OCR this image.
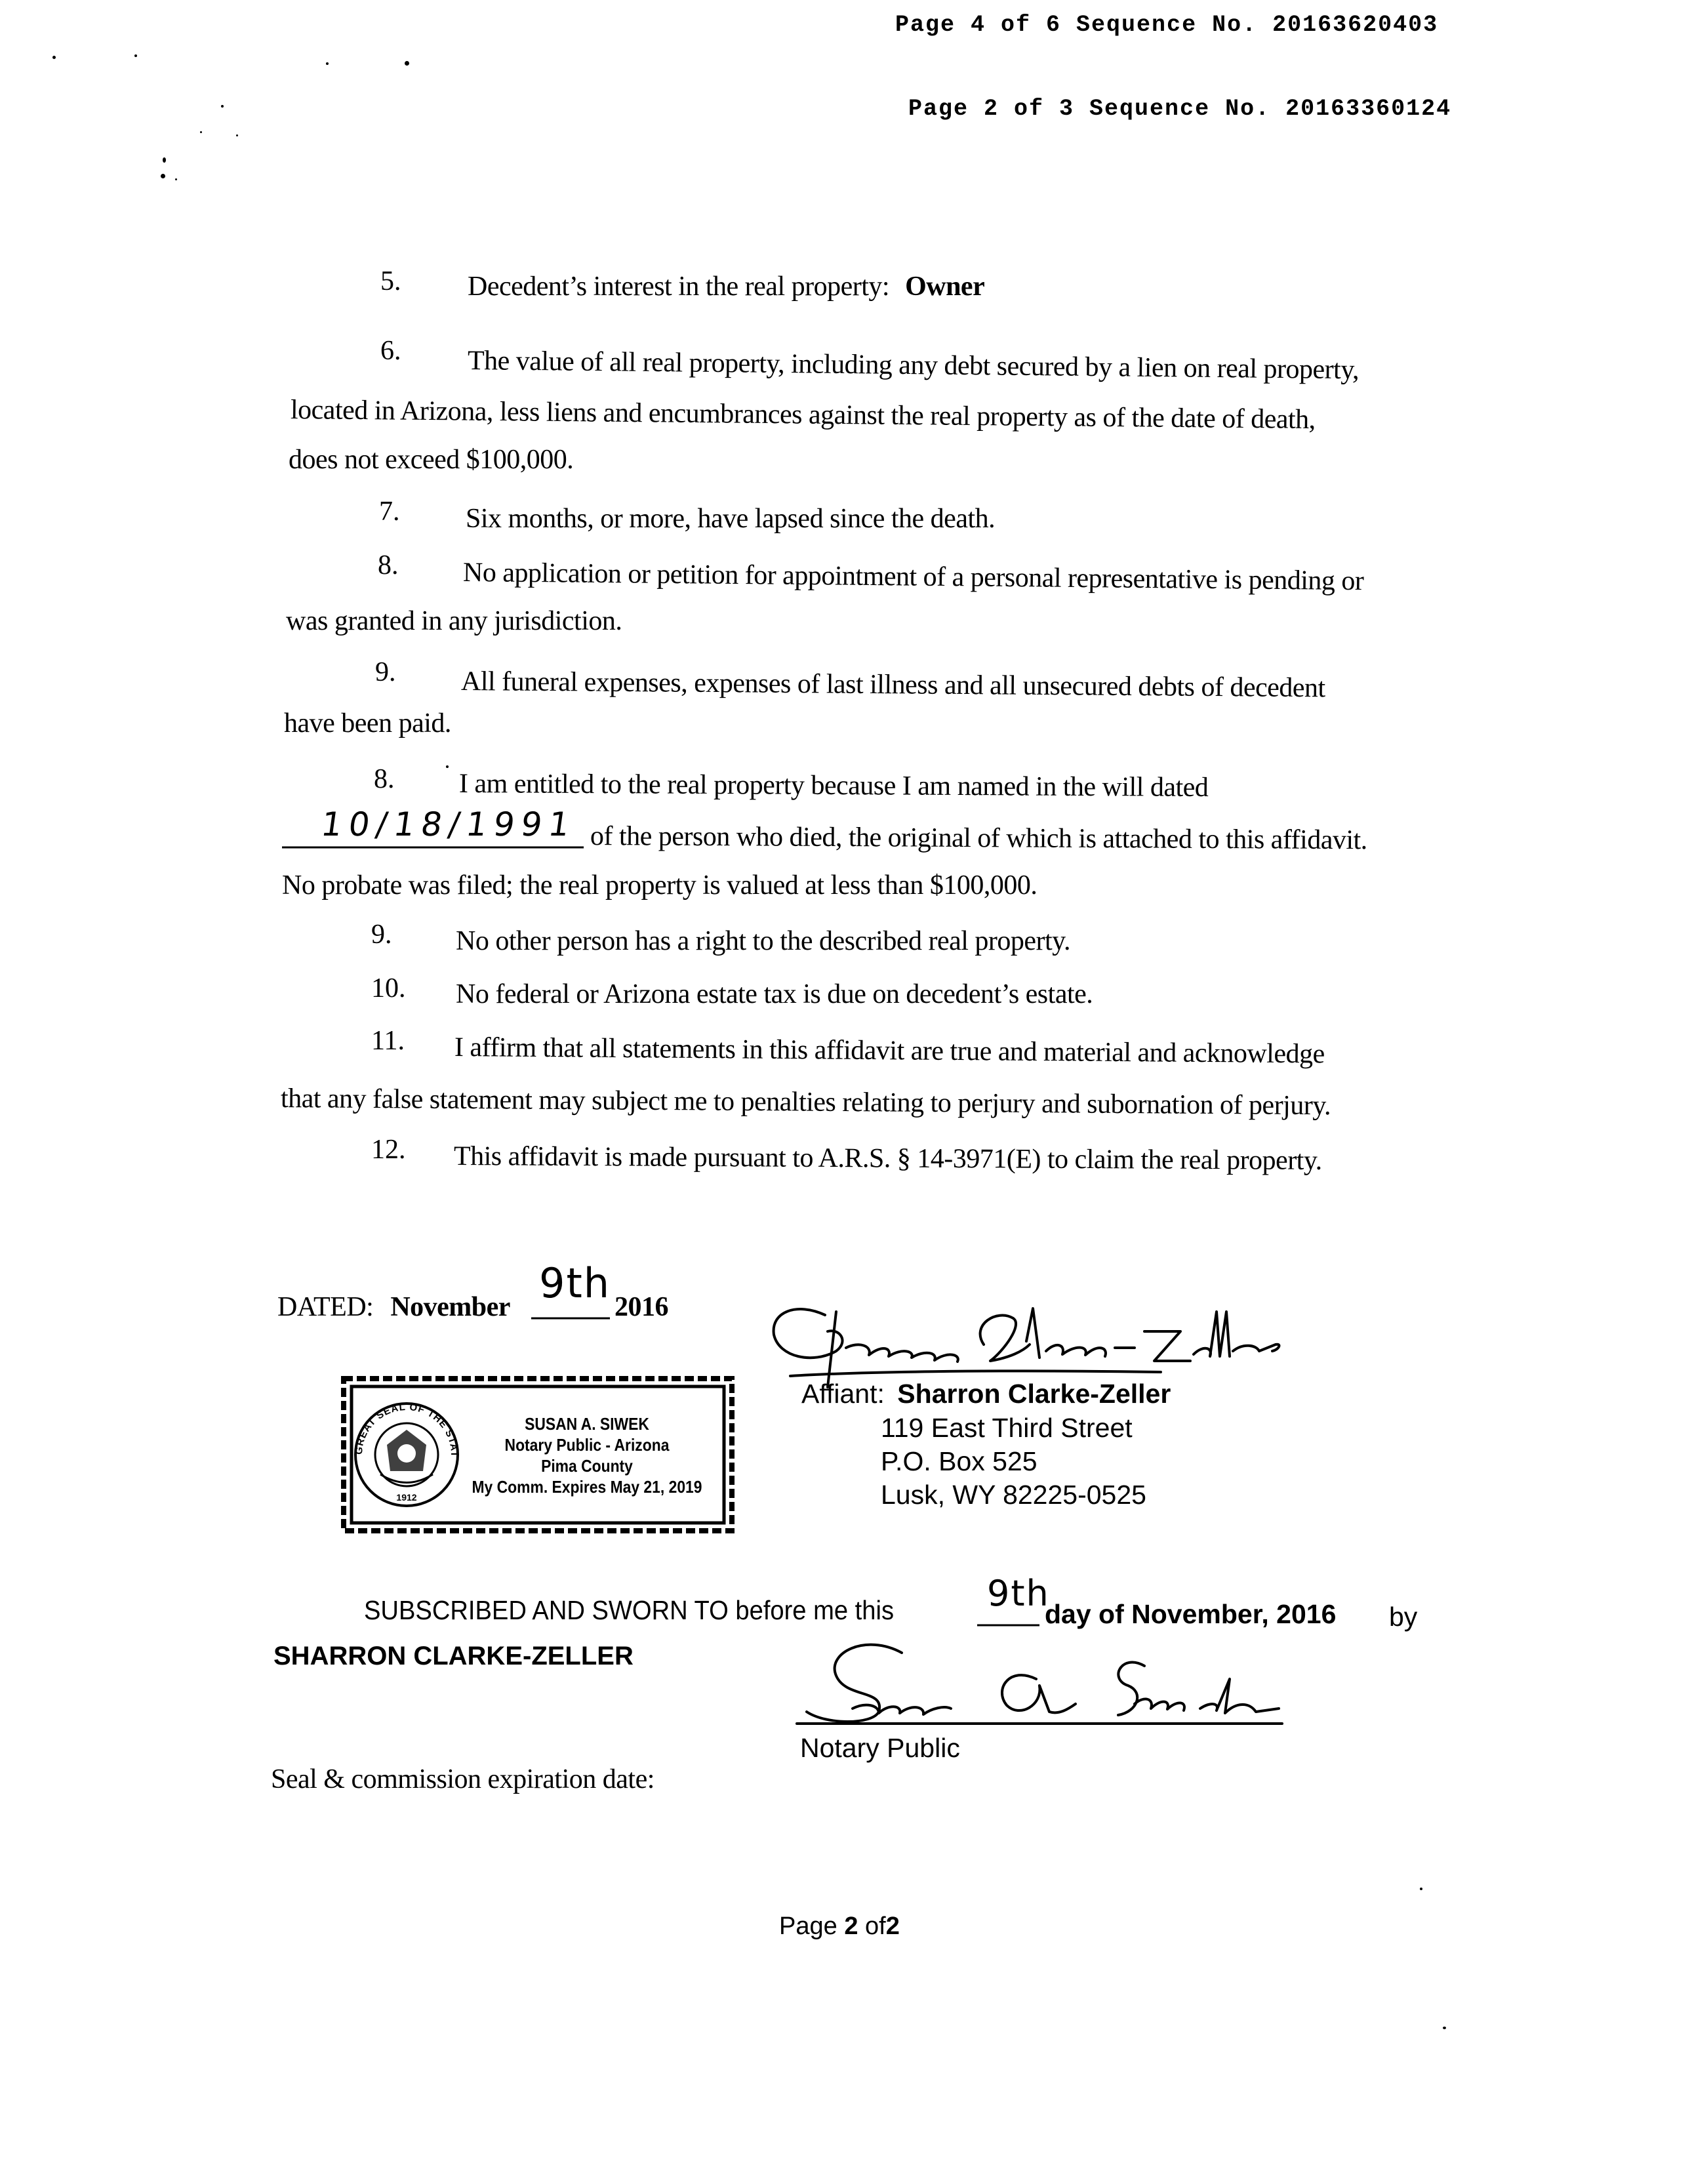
Page 4 of 6 Sequence No. 20163620403
Page 2 of 3 Sequence No. 20163360124
5. Decedent’s interest in the real property: Owner
6. The value of all real property, including any debt secured by a lien on real property,
located in Arizona, less liens and encumbrances against the real property as of the date of death,
does not exceed $100,000.
7. Six months, or more, have lapsed since the death.
8. No application or petition for appointment of a personal representative is pending or
was granted in any jurisdiction.
9. All funeral expenses, expenses of last illness and all unsecured debts of decedent
have been paid.
8. I am entitled to the real property because I am named in the will dated
10/18/1991 of the person who died, the original of which is attached to this affidavit.
No probate was filed; the real property is valued at less than $100,000.
9. No other person has a right to the described real property.
10. No federal or Arizona estate tax is due on decedent’s estate.
11. I affirm that all statements in this affidavit are true and material and acknowledge
that any false statement may subject me to penalties relating to perjury and subornation of perjury.
12. This affidavit is made pursuant to A.R.S. § 14-3971(E) to claim the real property.
DATED: November 9th 2016
Affiant: Sharron Clarke-Zeller
119 East Third Street
P.O. Box 525
Lusk, WY 82225-0525
GREAT SEAL OF THE STATE OF ARIZONA
1912
SUSAN A. SIWEK
Notary Public - Arizona
Pima County
My Comm. Expires May 21, 2019
SUBSCRIBED AND SWORN TO before me this	9th
day of November, 2016 by
SHARRON CLARKE-ZELLER
Notary Public
Seal & commission expiration date:
Page 2 of2
